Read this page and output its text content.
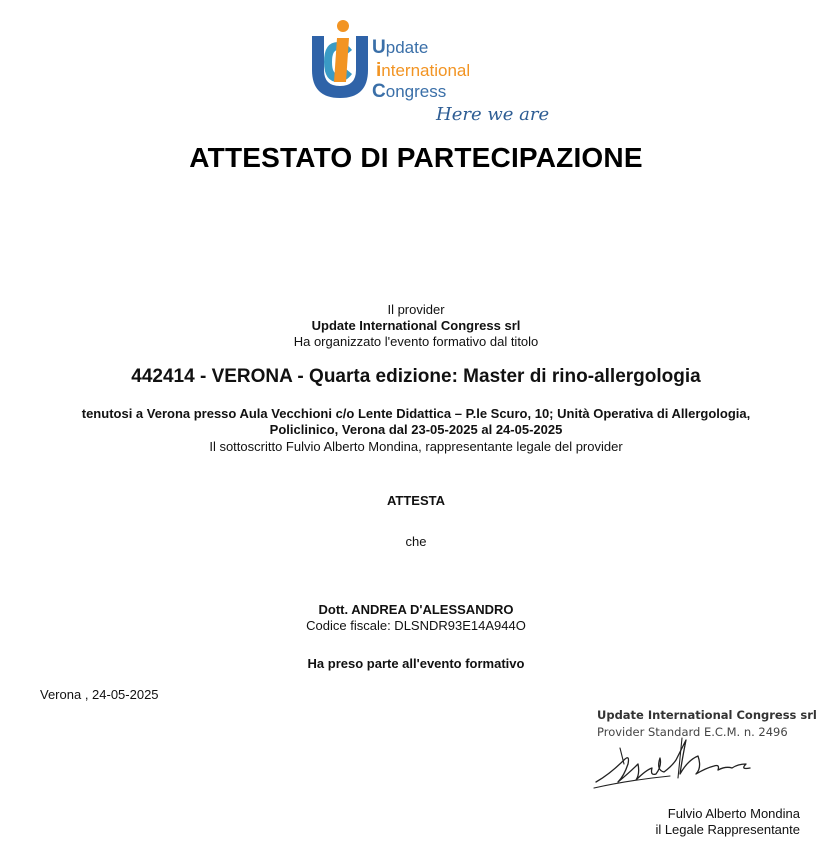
Update
international
Congress
Here we are
ATTESTATO DI PARTECIPAZIONE
Il provider
Update International Congress srl
Ha organizzato l'evento formativo dal titolo
442414 - VERONA - Quarta edizione: Master di rino-allergologia
tenutosi a Verona presso Aula Vecchioni c/o Lente Didattica – P.le Scuro, 10; Unità Operativa di Allergologia,
Policlinico, Verona dal 23-05-2025 al 24-05-2025
Il sottoscritto Fulvio Alberto Mondina, rappresentante legale del provider
ATTESTA
che
Dott. ANDREA D'ALESSANDRO
Codice fiscale: DLSNDR93E14A944O
Ha preso parte all'evento formativo
Verona , 24-05-2025
Update International Congress srl
Provider Standard E.C.M. n. 2496
Fulvio Alberto Mondina
il Legale Rappresentante
